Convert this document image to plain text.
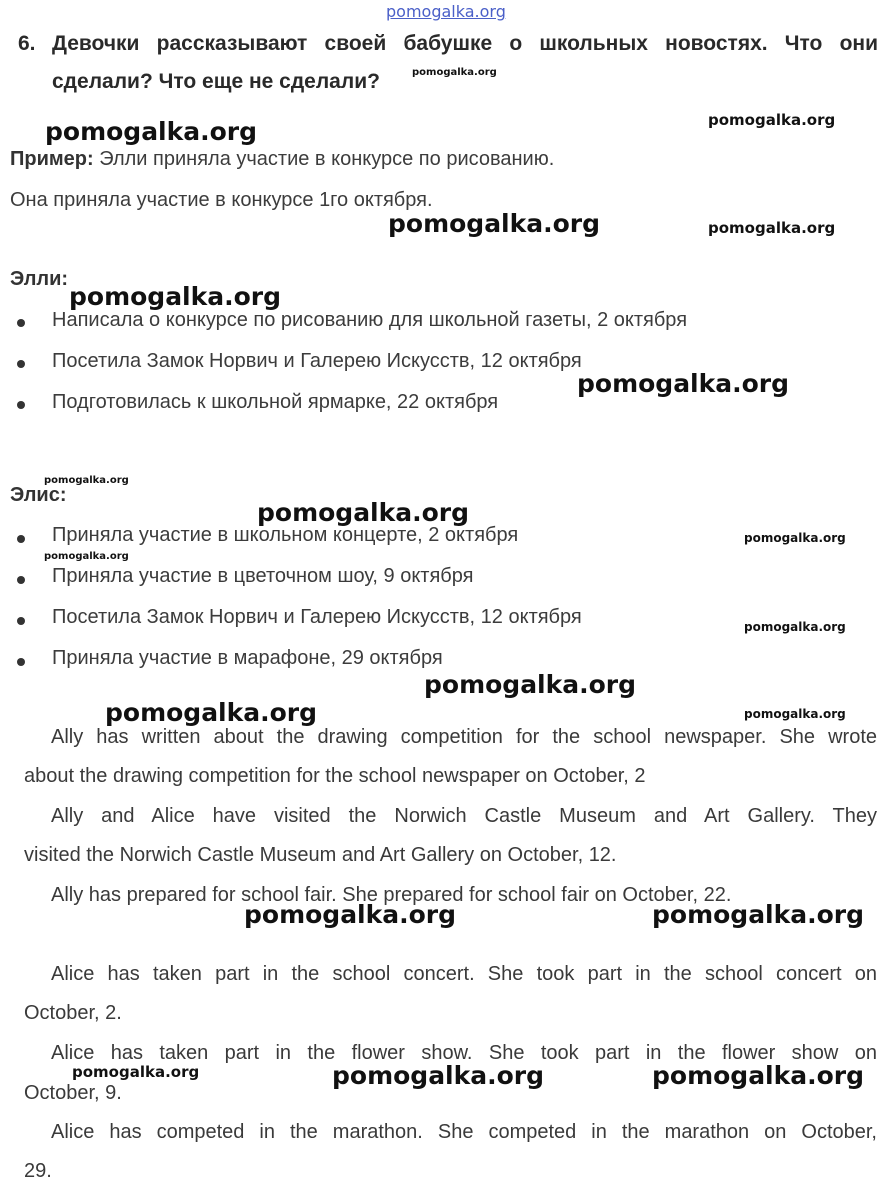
pomogalka.org
6. Девочки рассказывают своей бабушке о школьных новостях. Что они
сделали? Что еще не сделали?
Пример: Элли приняла участие в конкурсе по рисованию.
Она приняла участие в конкурсе 1го октября.
Элли:
Написала о конкурсе по рисованию для школьной газеты, 2 октября
Посетила Замок Норвич и Галерею Искусств, 12 октября
Подготовилась к школьной ярмарке, 22 октября
Элис:
Приняла участие в школьном концерте, 2 октября
Приняла участие в цветочном шоу, 9 октября
Посетила Замок Норвич и Галерею Искусств, 12 октября
Приняла участие в марафоне, 29 октября
Ally has written about the drawing competition for the school newspaper. She wrote
about the drawing competition for the school newspaper on October, 2
Ally and Alice have visited the Norwich Castle Museum and Art Gallery. They
visited the Norwich Castle Museum and Art Gallery on October, 12.
Ally has prepared for school fair. She prepared for school fair on October, 22.
Alice has taken part in the school concert. She took part in the school concert on
October, 2.
Alice has taken part in the flower show. She took part in the flower show on
October, 9.
Alice has competed in the marathon. She competed in the marathon on October,
29.
pomogalka.org
pomogalka.org	pomogalka.org
pomogalka.org	pomogalka.org
pomogalka.org
pomogalka.org
pomogalka.org
pomogalka.org
pomogalka.org
pomogalka.org
pomogalka.org
pomogalka.org
pomogalka.org	pomogalka.org
pomogalka.org	pomogalka.org
pomogalka.org	pomogalka.org	pomogalka.org
